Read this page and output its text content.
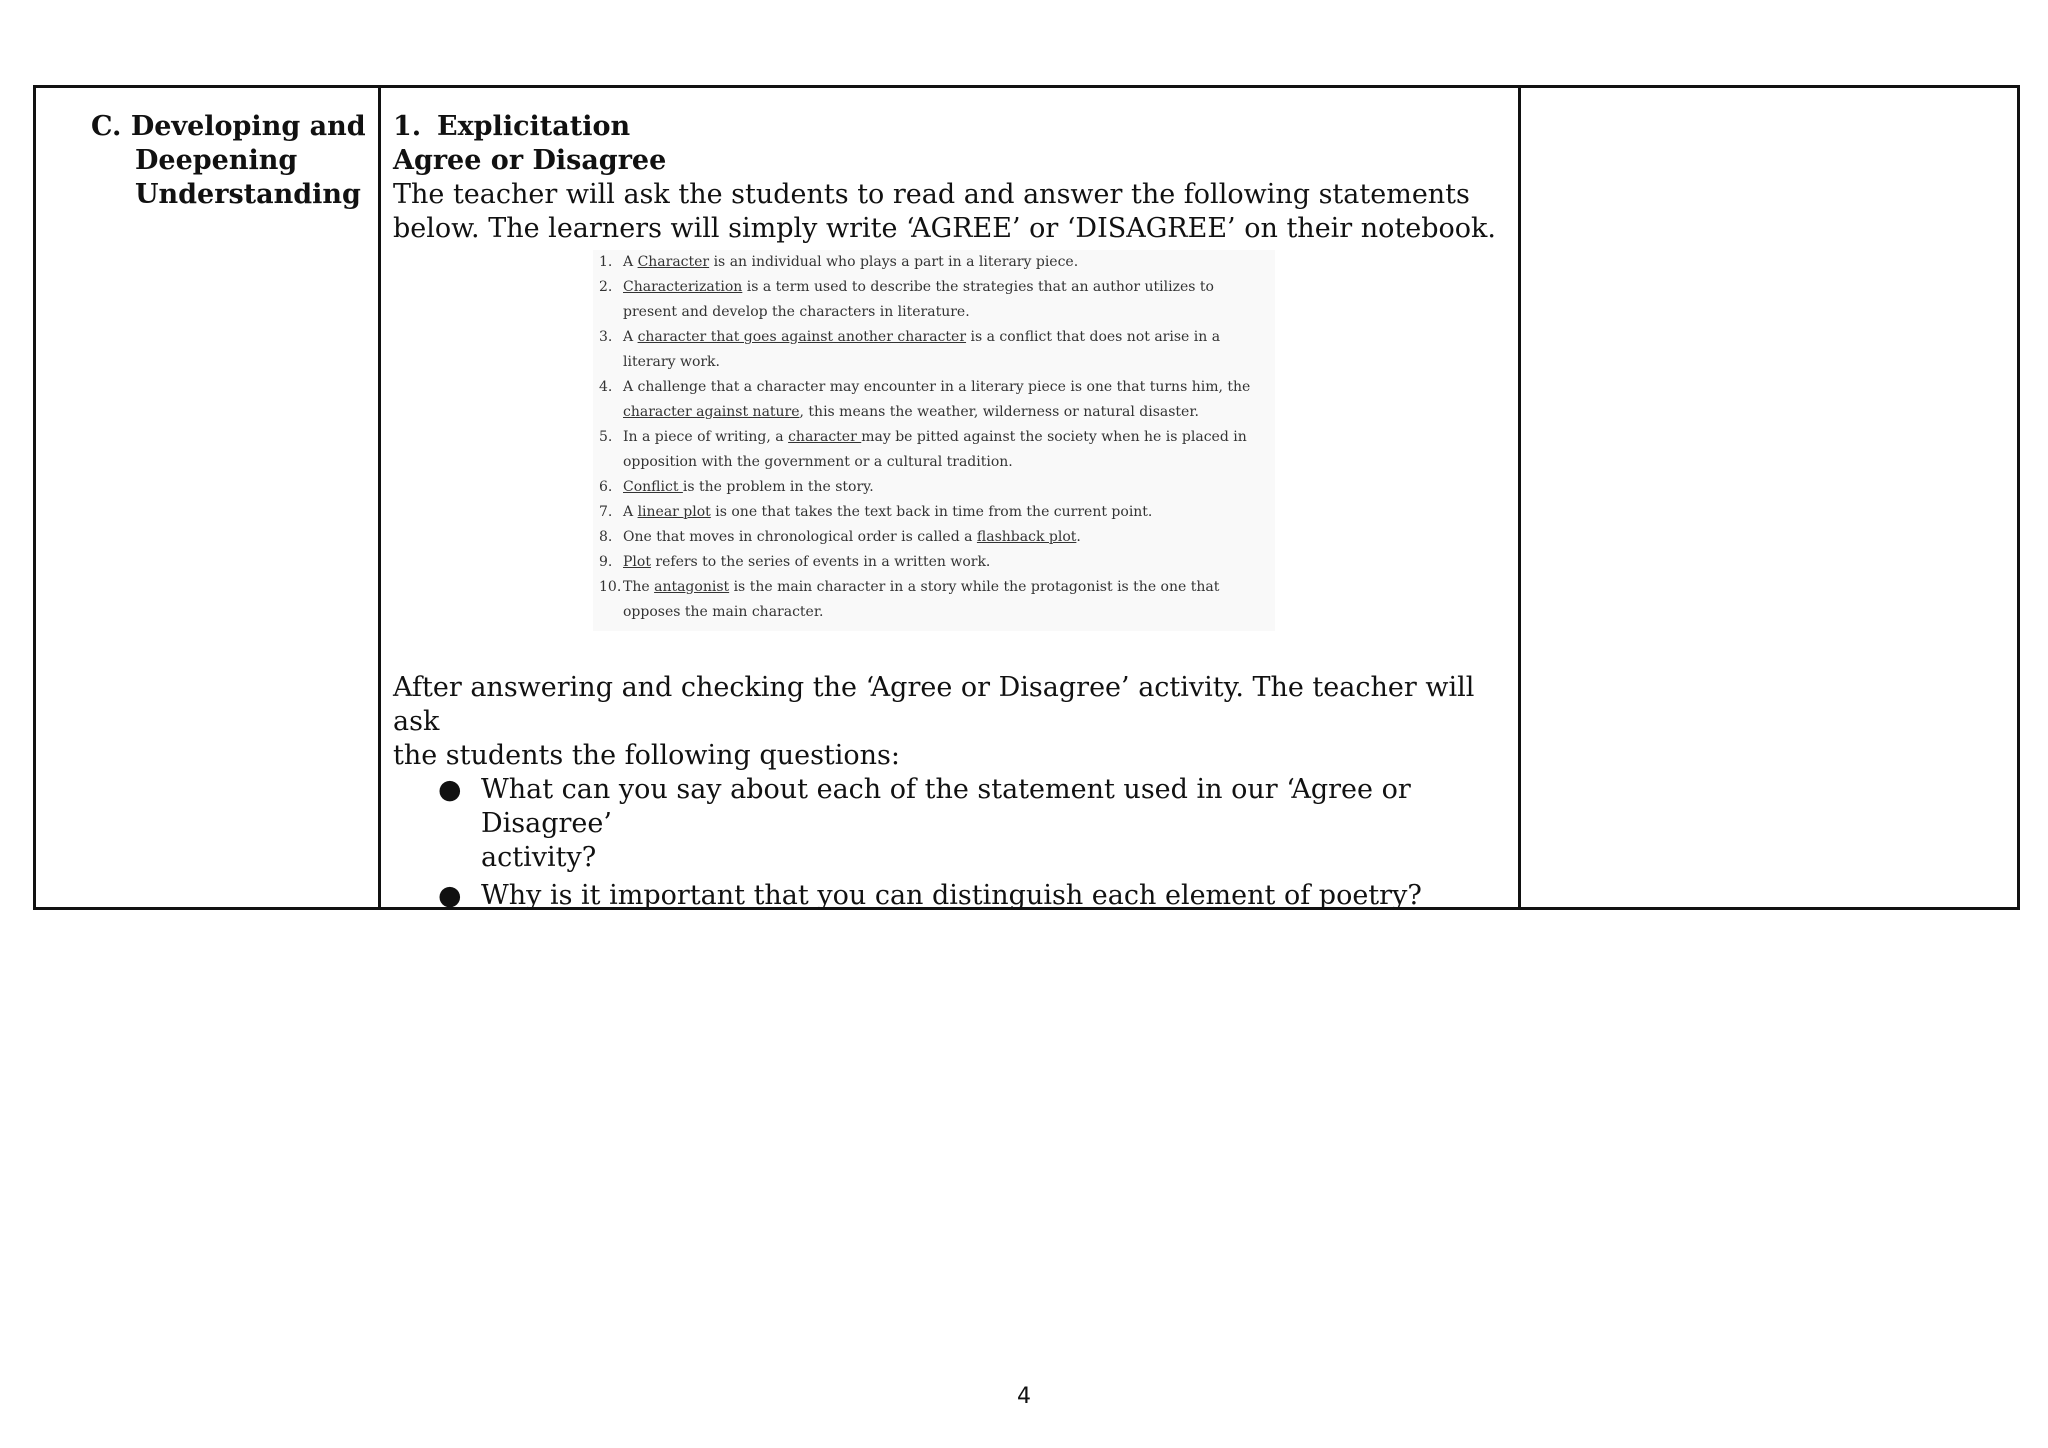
C. Developing and
Deepening
Understanding
1. Explicitation
Agree or Disagree
The teacher will ask the students to read and answer the following statements
below. The learners will simply write ‘AGREE’ or ‘DISAGREE’ on their notebook.
1. A Character is an individual who plays a part in a literary piece.
2. Characterization is a term used to describe the strategies that an author utilizes to present and develop the characters in literature.
3. A character that goes against another character is a conflict that does not arise in a literary work.
4. A challenge that a character may encounter in a literary piece is one that turns him, the character against nature, this means the weather, wilderness or natural disaster.
5. In a piece of writing, a character may be pitted against the society when he is placed in opposition with the government or a cultural tradition.
6. Conflict is the problem in the story.
7. A linear plot is one that takes the text back in time from the current point.
8. One that moves in chronological order is called a flashback plot.
9. Plot refers to the series of events in a written work.
10. The antagonist is the main character in a story while the protagonist is the one that opposes the main character.
After answering and checking the ‘Agree or Disagree’ activity. The teacher will ask
the students the following questions:
● What can you say about each of the statement used in our ‘Agree or Disagree’
activity?
● Why is it important that you can distinguish each element of poetry?
4
